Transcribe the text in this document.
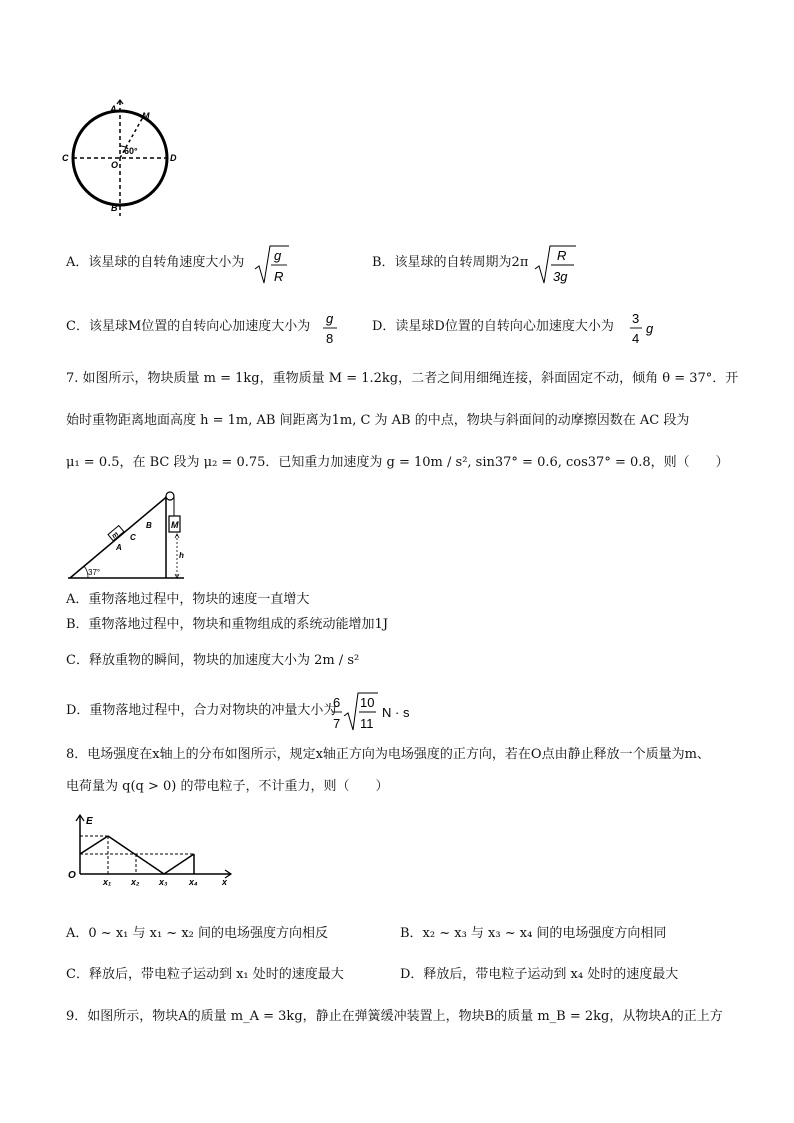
A
M
60°
C
O
D
B
A．该星球的自转角速度大小为 g
R
B．该星球的自转周期为2π R
3g
C．该星球M位置的自转向心加速度大小为
g
8
D．读星球D位置的自转向心加速度大小为
3
4
g
7. 如图所示，物块质量 m = 1kg，重物质量 M = 1.2kg，二者之间用细绳连接，斜面固定不动，倾角 θ = 37°．开
始时重物距离地面高度 h = 1m, AB 间距离为1m, C 为 AB 的中点，物块与斜面间的动摩擦因数在 AC 段为
μ₁ = 0.5，在 BC 段为 μ₂ = 0.75．已知重力加速度为 g = 10m / s², sin37° = 0.6, cos37° = 0.8，则（　　）
M
m
A
C
B
h
37°
A．重物落地过程中，物块的速度一直增大
B．重物落地过程中，物块和重物组成的系统动能增加1J
C．释放重物的瞬间，物块的加速度大小为 2m / s²
D．重物落地过程中，合力对物块的冲量大小为
6
7
10
11
N · s
8．电场强度在x轴上的分布如图所示，规定x轴正方向为电场强度的正方向，若在O点由静止释放一个质量为m、
电荷量为 q(q > 0) 的带电粒子，不计重力，则（　　）
E
O
x₁ x₂ x₃ x₄	x
A．0 ~ x₁ 与 x₁ ~ x₂ 间的电场强度方向相反	B．x₂ ~ x₃ 与 x₃ ~ x₄ 间的电场强度方向相同
C．释放后，带电粒子运动到 x₁ 处时的速度最大	D．释放后，带电粒子运动到 x₄ 处时的速度最大
9．如图所示，物块A的质量 m_A = 3kg，静止在弹簧缓冲装置上，物块B的质量 m_B = 2kg，从物块A的正上方
